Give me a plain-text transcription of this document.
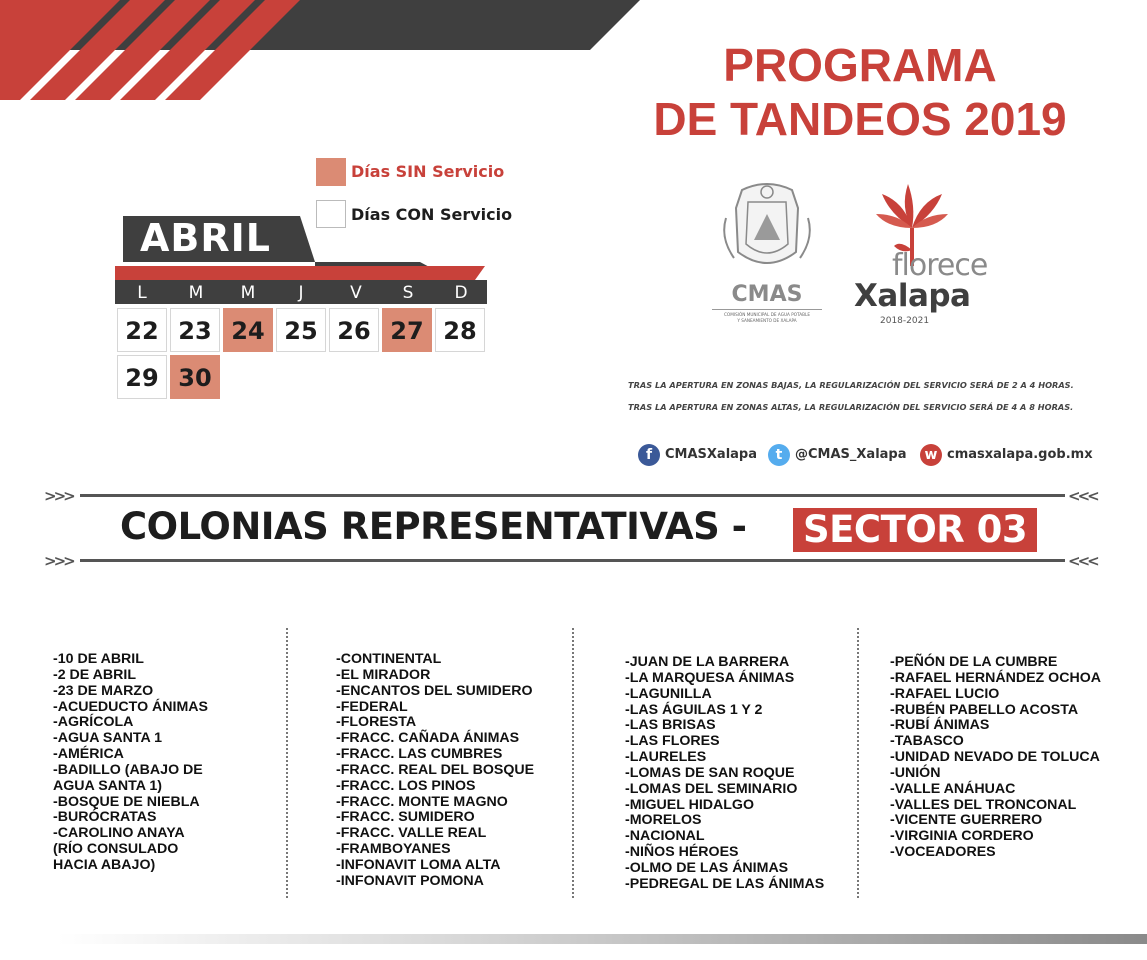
PROGRAMA
DE TANDEOS 2019
Días SIN Servicio
Días CON Servicio
ABRIL
L	M	M	J	V	S	D
22 23 24 25 26 27 28
29 30
CMAS
COMISIÓN MUNICIPAL DE AGUA POTABLE
Y SANEAMIENTO DE XALAPA
florece
Xalapa
2018-2021
TRAS LA APERTURA EN ZONAS BAJAS, LA REGULARIZACIÓN DEL SERVICIO SERÁ DE 2 A 4 HORAS.
TRAS LA APERTURA EN ZONAS ALTAS, LA REGULARIZACIÓN DEL SERVICIO SERÁ DE 4 A 8 HORAS.
f CMASXalapa	t @CMAS_Xalapa	w cmasxalapa.gob.mx
>>>	<<<
COLONIAS REPRESENTATIVAS - SECTOR 03
>>>	<<<
-10 DE ABRIL
-2 DE ABRIL
-23 DE MARZO
-ACUEDUCTO ÁNIMAS
-AGRÍCOLA
-AGUA SANTA 1
-AMÉRICA
-BADILLO (ABAJO DE
AGUA SANTA 1)
-BOSQUE DE NIEBLA
-BURÓCRATAS
-CAROLINO ANAYA
(RÍO CONSULADO
HACIA ABAJO)
-CONTINENTAL
-EL MIRADOR
-ENCANTOS DEL SUMIDERO
-FEDERAL
-FLORESTA
-FRACC. CAÑADA ÁNIMAS
-FRACC. LAS CUMBRES
-FRACC. REAL DEL BOSQUE
-FRACC. LOS PINOS
-FRACC. MONTE MAGNO
-FRACC. SUMIDERO
-FRACC. VALLE REAL
-FRAMBOYANES
-INFONAVIT LOMA ALTA
-INFONAVIT POMONA
-JUAN DE LA BARRERA
-LA MARQUESA ÁNIMAS
-LAGUNILLA
-LAS ÁGUILAS 1 Y 2
-LAS BRISAS
-LAS FLORES
-LAURELES
-LOMAS DE SAN ROQUE
-LOMAS DEL SEMINARIO
-MIGUEL HIDALGO
-MORELOS
-NACIONAL
-NIÑOS HÉROES
-OLMO DE LAS ÁNIMAS
-PEDREGAL DE LAS ÁNIMAS
-PEÑÓN DE LA CUMBRE
-RAFAEL HERNÁNDEZ OCHOA
-RAFAEL LUCIO
-RUBÉN PABELLO ACOSTA
-RUBÍ ÁNIMAS
-TABASCO
-UNIDAD NEVADO DE TOLUCA
-UNIÓN
-VALLE ANÁHUAC
-VALLES DEL TRONCONAL
-VICENTE GUERRERO
-VIRGINIA CORDERO
-VOCEADORES
